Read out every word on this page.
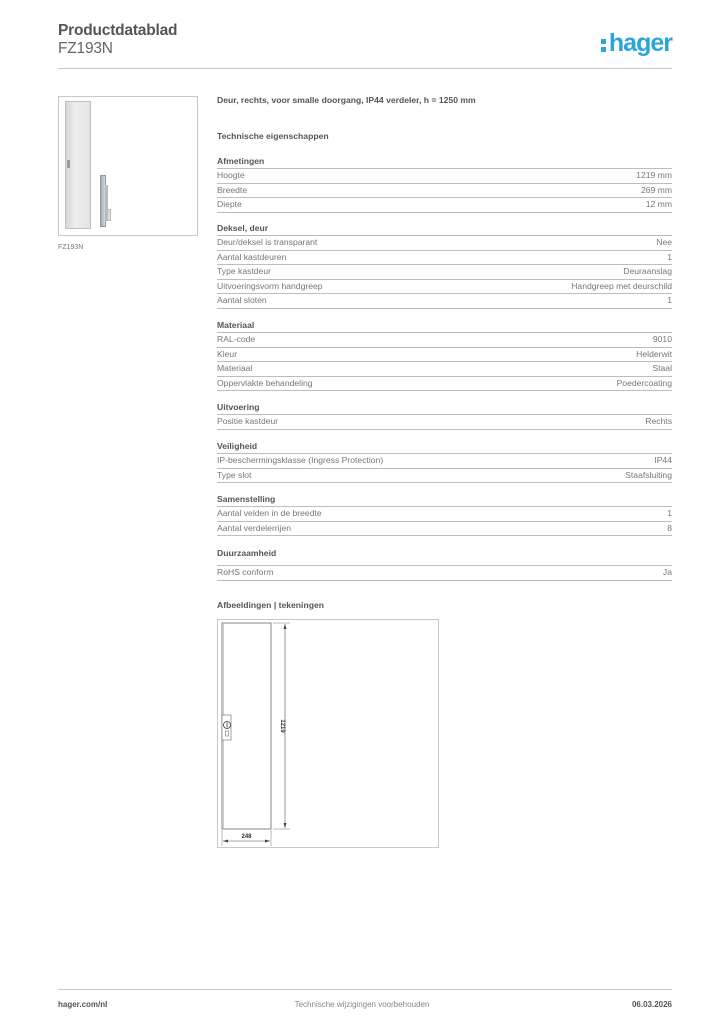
Productdatablad
FZ193N	hager
FZ193N
Deur, rechts, voor smalle doorgang, IP44 verdeler, h = 1250 mm
Technische eigenschappen
Afmetingen
Hoogte	1219 mm
Breedte	269 mm
Diepte	12 mm
Deksel, deur
Deur/deksel is transparant	Nee
Aantal kastdeuren	1
Type kastdeur	Deuraanslag
Uitvoeringsvorm handgreep	Handgreep met deurschild
Aantal sloten	1
Materiaal
RAL-code	9010
Kleur	Helderwit
Materiaal	Staal
Oppervlakte behandeling	Poedercoating
Uitvoering
Positie kastdeur	Rechts
Veiligheid
IP-beschermingsklasse (Ingress Protection)	IP44
Type slot	Staafsluiting
Samenstelling
Aantal velden in de breedte	1
Aantal verdelerrijen	8
Duurzaamheid
RoHS conform	Ja
Afbeeldingen | tekeningen
1219
248
hager.com/nl	Technische wijzigingen voorbehouden	06.03.2026
